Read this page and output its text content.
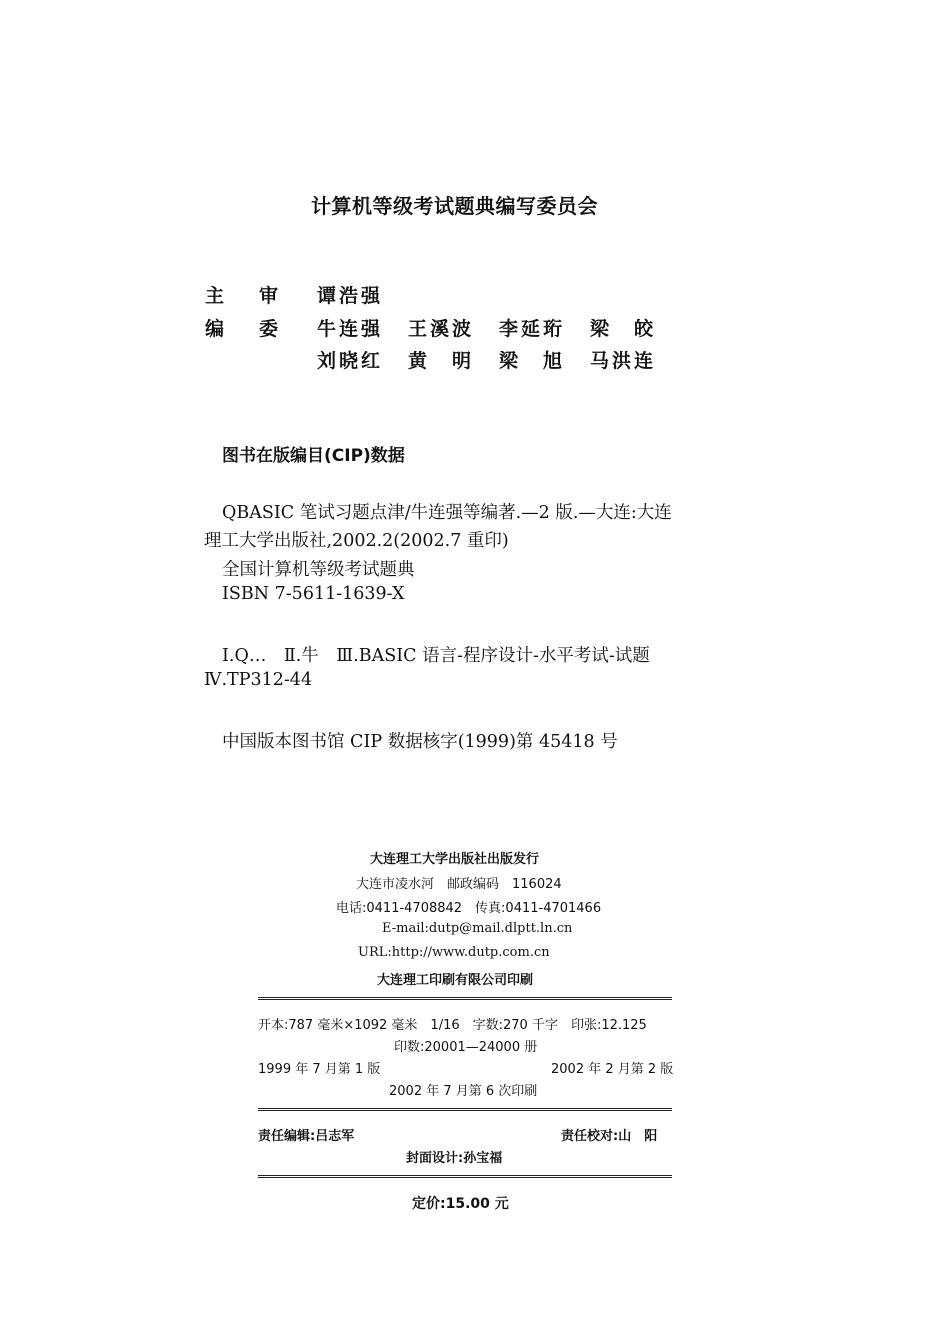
计算机等级考试题典编写委员会
主　审 谭浩强
编　委 牛连强 王溪波 李延珩 梁　皎
刘晓红 黄　明 梁　旭 马洪连
图书在版编目(CIP)数据
QBASIC 笔试习题点津/牛连强等编著.—2 版.—大连:大连
理工大学出版社,2002.2(2002.7 重印)
全国计算机等级考试题典
ISBN 7-5611-1639-X
Ⅰ.Q…　Ⅱ.牛　Ⅲ.BASIC 语言-程序设计-水平考试-试题
Ⅳ.TP312-44
中国版本图书馆 CIP 数据核字(1999)第 45418 号
大连理工大学出版社出版发行
大连市凌水河　邮政编码　116024
电话:0411-4708842　传真:0411-4701466
E-mail:dutp@mail.dlptt.ln.cn
URL:http://www.dutp.com.cn
大连理工印刷有限公司印刷
开本:787 毫米×1092 毫米　1/16　字数:270 千字　印张:12.125
印数:20001—24000 册
1999 年 7 月第 1 版	2002 年 2 月第 2 版
2002 年 7 月第 6 次印刷
责任编辑:吕志军	责任校对:山　阳
封面设计:孙宝福
定价:15.00 元
